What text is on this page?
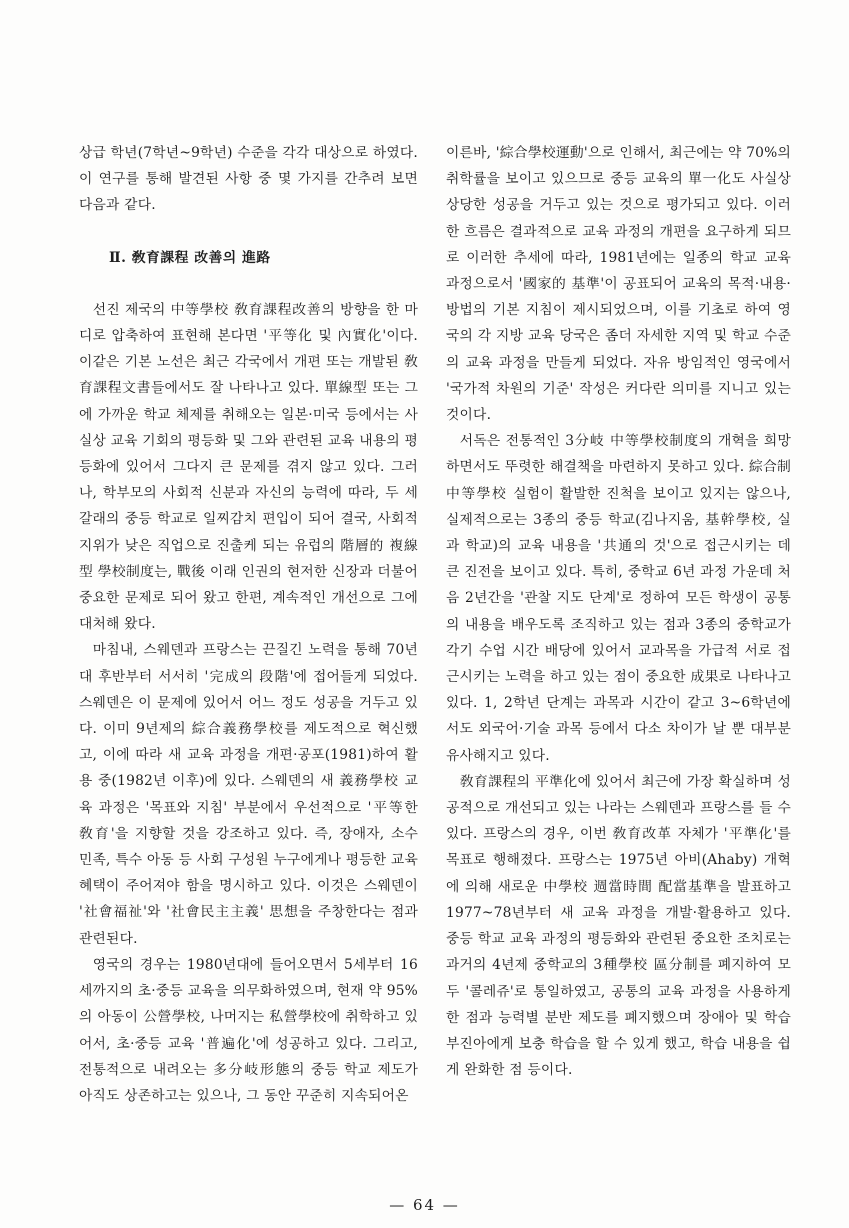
상급 학년(7학년~9학년) 수준을 각각 대상으로 하였다. 이 연구를 통해 발견된 사항 중 몇 가지를 간추려 보면 다음과 같다.

Ⅱ. 敎育課程 改善의 進路

선진 제국의 中等學校 敎育課程改善의 방향을 한 마디로 압축하여 표현해 본다면 '平等化 및 內實化'이다. 이같은 기본 노선은 최근 각국에서 개편 또는 개발된 敎育課程文書들에서도 잘 나타나고 있다. 單線型 또는 그에 가까운 학교 체제를 취해오는 일본·미국 등에서는 사실상 교육 기회의 평등화 및 그와 관련된 교육 내용의 평등화에 있어서 그다지 큰 문제를 겪지 않고 있다. 그러나, 학부모의 사회적 신분과 자신의 능력에 따라, 두 세 갈래의 중등 학교로 일찌감치 편입이 되어 결국, 사회적 지위가 낮은 직업으로 진출케 되는 유럽의 階層的 複線型 學校制度는, 戰後 이래 인권의 현저한 신장과 더불어 중요한 문제로 되어 왔고 한편, 계속적인 개선으로 그에 대처해 왔다.

마침내, 스웨덴과 프랑스는 끈질긴 노력을 통해 70년대 후반부터 서서히 '完成의 段階'에 접어들게 되었다. 스웨덴은 이 문제에 있어서 어느 정도 성공을 거두고 있다. 이미 9년제의 綜合義務學校를 제도적으로 혁신했고, 이에 따라 새 교육 과정을 개편·공포(1981)하여 활용 중(1982년 이후)에 있다. 스웨덴의 새 義務學校 교육 과정은 '목표와 지침' 부분에서 우선적으로 '平等한 敎育'을 지향할 것을 강조하고 있다. 즉, 장애자, 소수 민족, 특수 아동 등 사회 구성원 누구에게나 평등한 교육 혜택이 주어져야 함을 명시하고 있다. 이것은 스웨덴이 '社會福祉'와 '社會民主主義' 思想을 주창한다는 점과 관련된다.

영국의 경우는 1980년대에 들어오면서 5세부터 16세까지의 초·중등 교육을 의무화하였으며, 현재 약 95%의 아동이 公營學校, 나머지는 私營學校에 취학하고 있어서, 초·중등 교육 '普遍化'에 성공하고 있다. 그리고, 전통적으로 내려오는 多分岐形態의 중등 학교 제도가 아직도 상존하고는 있으나, 그 동안 꾸준히 지속되어온

이른바, '綜合學校運動'으로 인해서, 최근에는 약 70%의 취학률을 보이고 있으므로 중등 교육의 單一化도 사실상 상당한 성공을 거두고 있는 것으로 평가되고 있다. 이러한 흐름은 결과적으로 교육 과정의 개편을 요구하게 되므로 이러한 추세에 따라, 1981년에는 일종의 학교 교육 과정으로서 '國家的 基準'이 공표되어 교육의 목적·내용·방법의 기본 지침이 제시되었으며, 이를 기초로 하여 영국의 각 지방 교육 당국은 좀더 자세한 지역 및 학교 수준의 교육 과정을 만들게 되었다. 자유 방임적인 영국에서 '국가적 차원의 기준' 작성은 커다란 의미를 지니고 있는 것이다.

서독은 전통적인 3分岐 中等學校制度의 개혁을 희망하면서도 뚜렷한 해결책을 마련하지 못하고 있다. 綜合制 中等學校 실험이 활발한 진척을 보이고 있지는 않으나, 실제적으로는 3종의 중등 학교(김나지움, 基幹學校, 실과 학교)의 교육 내용을 '共通의 것'으로 접근시키는 데 큰 진전을 보이고 있다. 특히, 중학교 6년 과정 가운데 처음 2년간을 '관찰 지도 단계'로 정하여 모든 학생이 공통의 내용을 배우도록 조직하고 있는 점과 3종의 중학교가 각기 수업 시간 배당에 있어서 교과목을 가급적 서로 접근시키는 노력을 하고 있는 점이 중요한 成果로 나타나고 있다. 1, 2학년 단계는 과목과 시간이 같고 3~6학년에서도 외국어·기술 과목 등에서 다소 차이가 날 뿐 대부분 유사해지고 있다.

敎育課程의 平準化에 있어서 최근에 가장 확실하며 성공적으로 개선되고 있는 나라는 스웨덴과 프랑스를 들 수 있다. 프랑스의 경우, 이번 敎育改革 자체가 '平準化'를 목표로 행해졌다. 프랑스는 1975년 아비(Ahaby) 개혁에 의해 새로운 中學校 週當時間 配當基準을 발표하고 1977~78년부터 새 교육 과정을 개발·활용하고 있다. 중등 학교 교육 과정의 평등화와 관련된 중요한 조치로는 과거의 4년제 중학교의 3種學校 區分制를 폐지하여 모두 '콜레쥬'로 통일하였고, 공통의 교육 과정을 사용하게 한 점과 능력별 분반 제도를 폐지했으며 장애아 및 학습 부진아에게 보충 학습을 할 수 있게 했고, 학습 내용을 쉽게 완화한 점 등이다.

— 64 —
